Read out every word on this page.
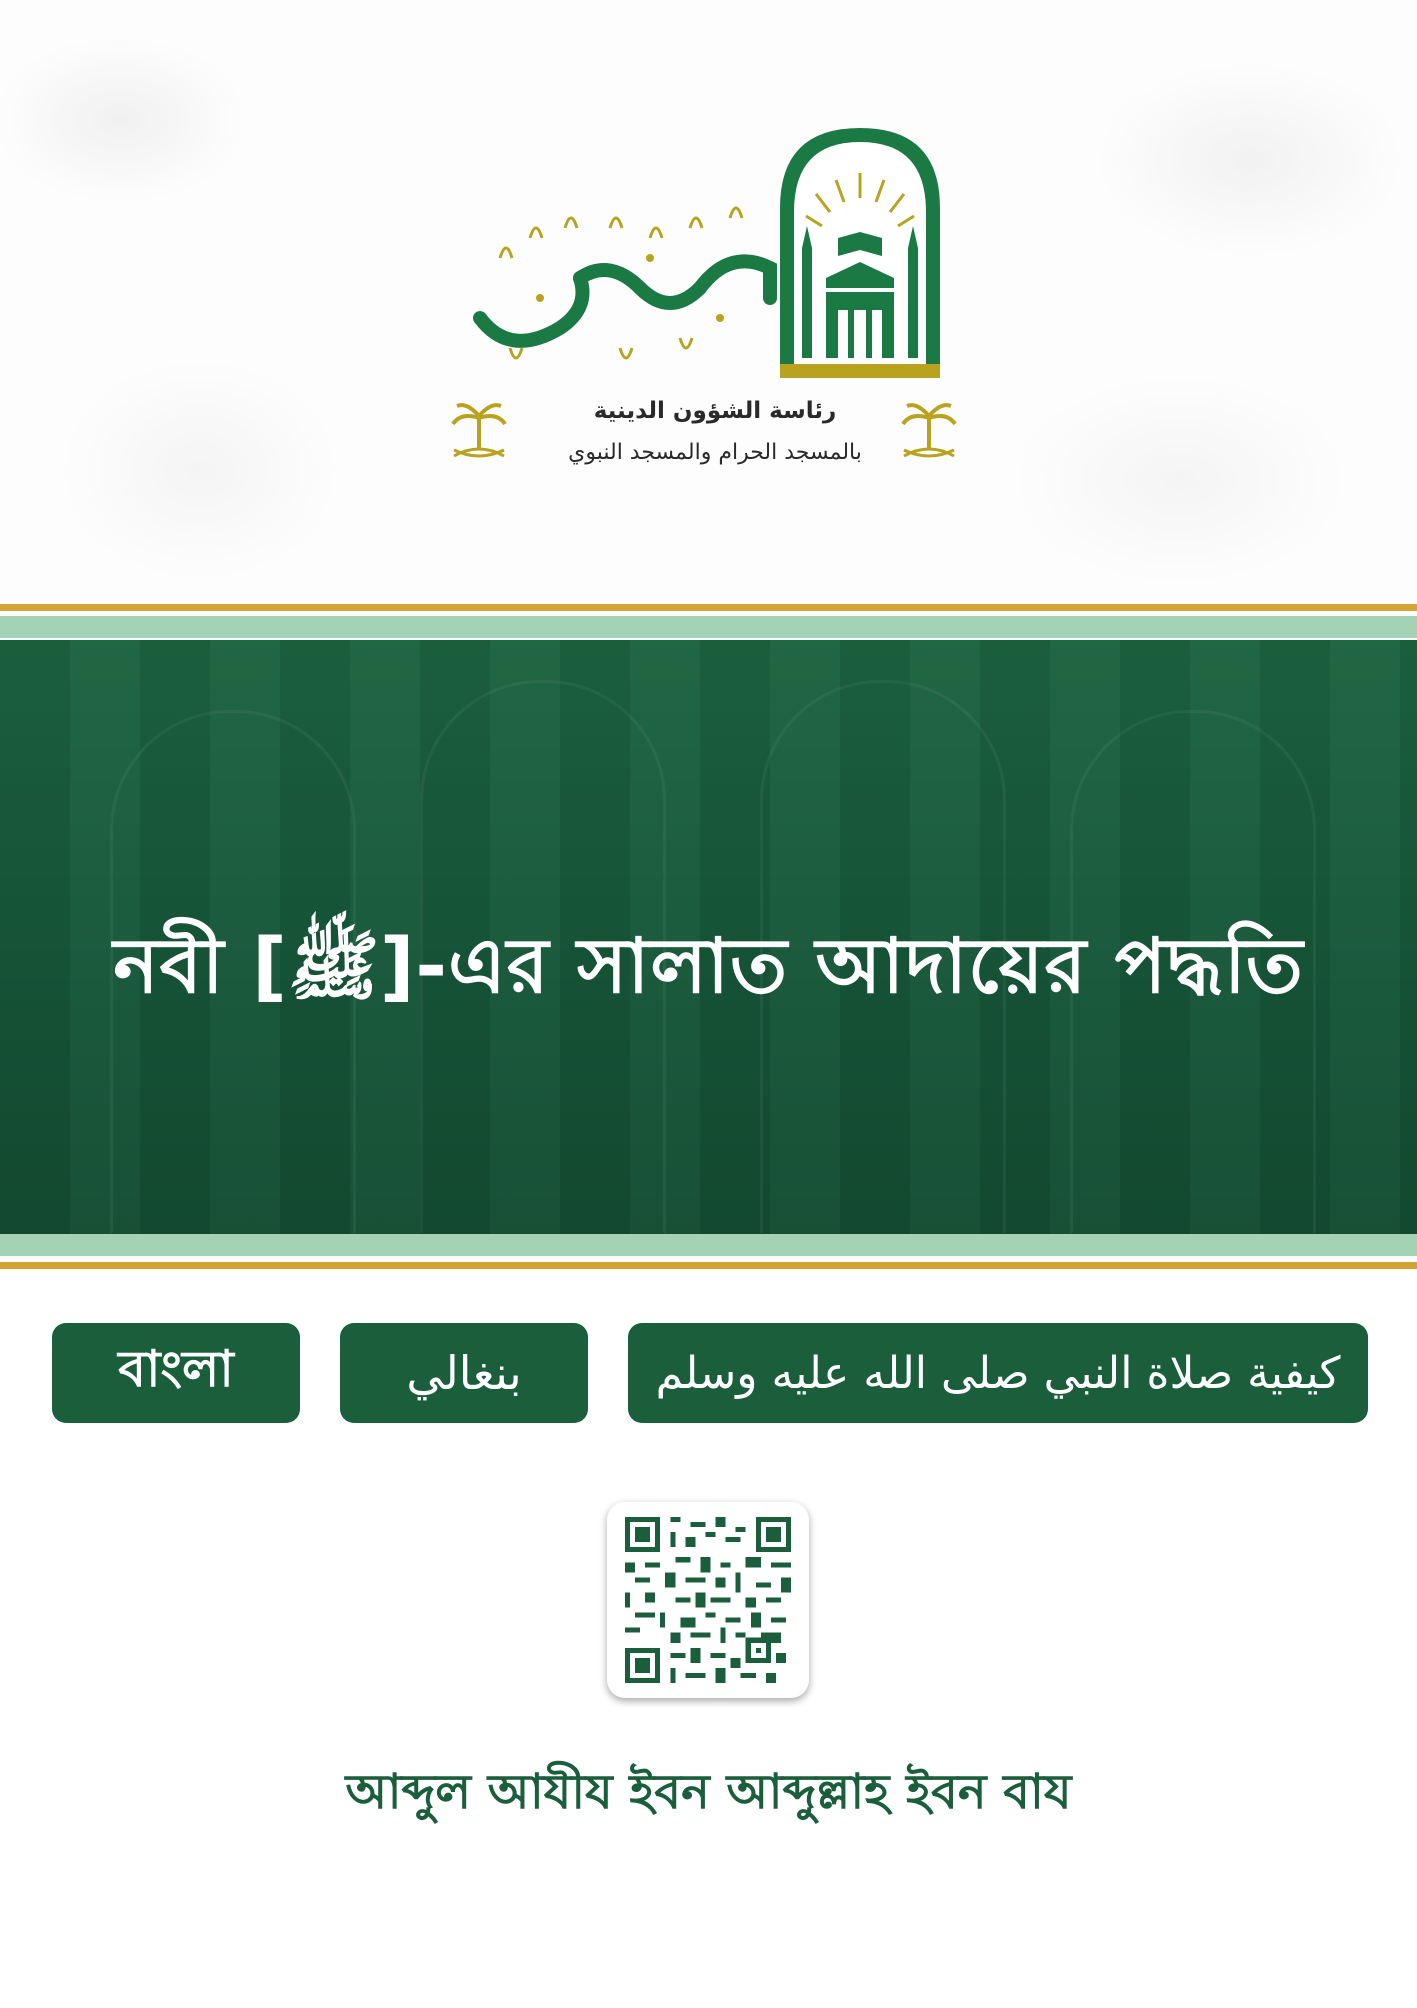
رئاسة الشؤون الدينية
بالمسجد الحرام والمسجد النبوي
নবী [ﷺ]-এর সালাত আদায়ের পদ্ধতি
বাংলা	بنغالي	كيفية صلاة النبي صلى الله عليه وسلم
আব্দুল আযীয ইবন আব্দুল্লাহ ইবন বায
